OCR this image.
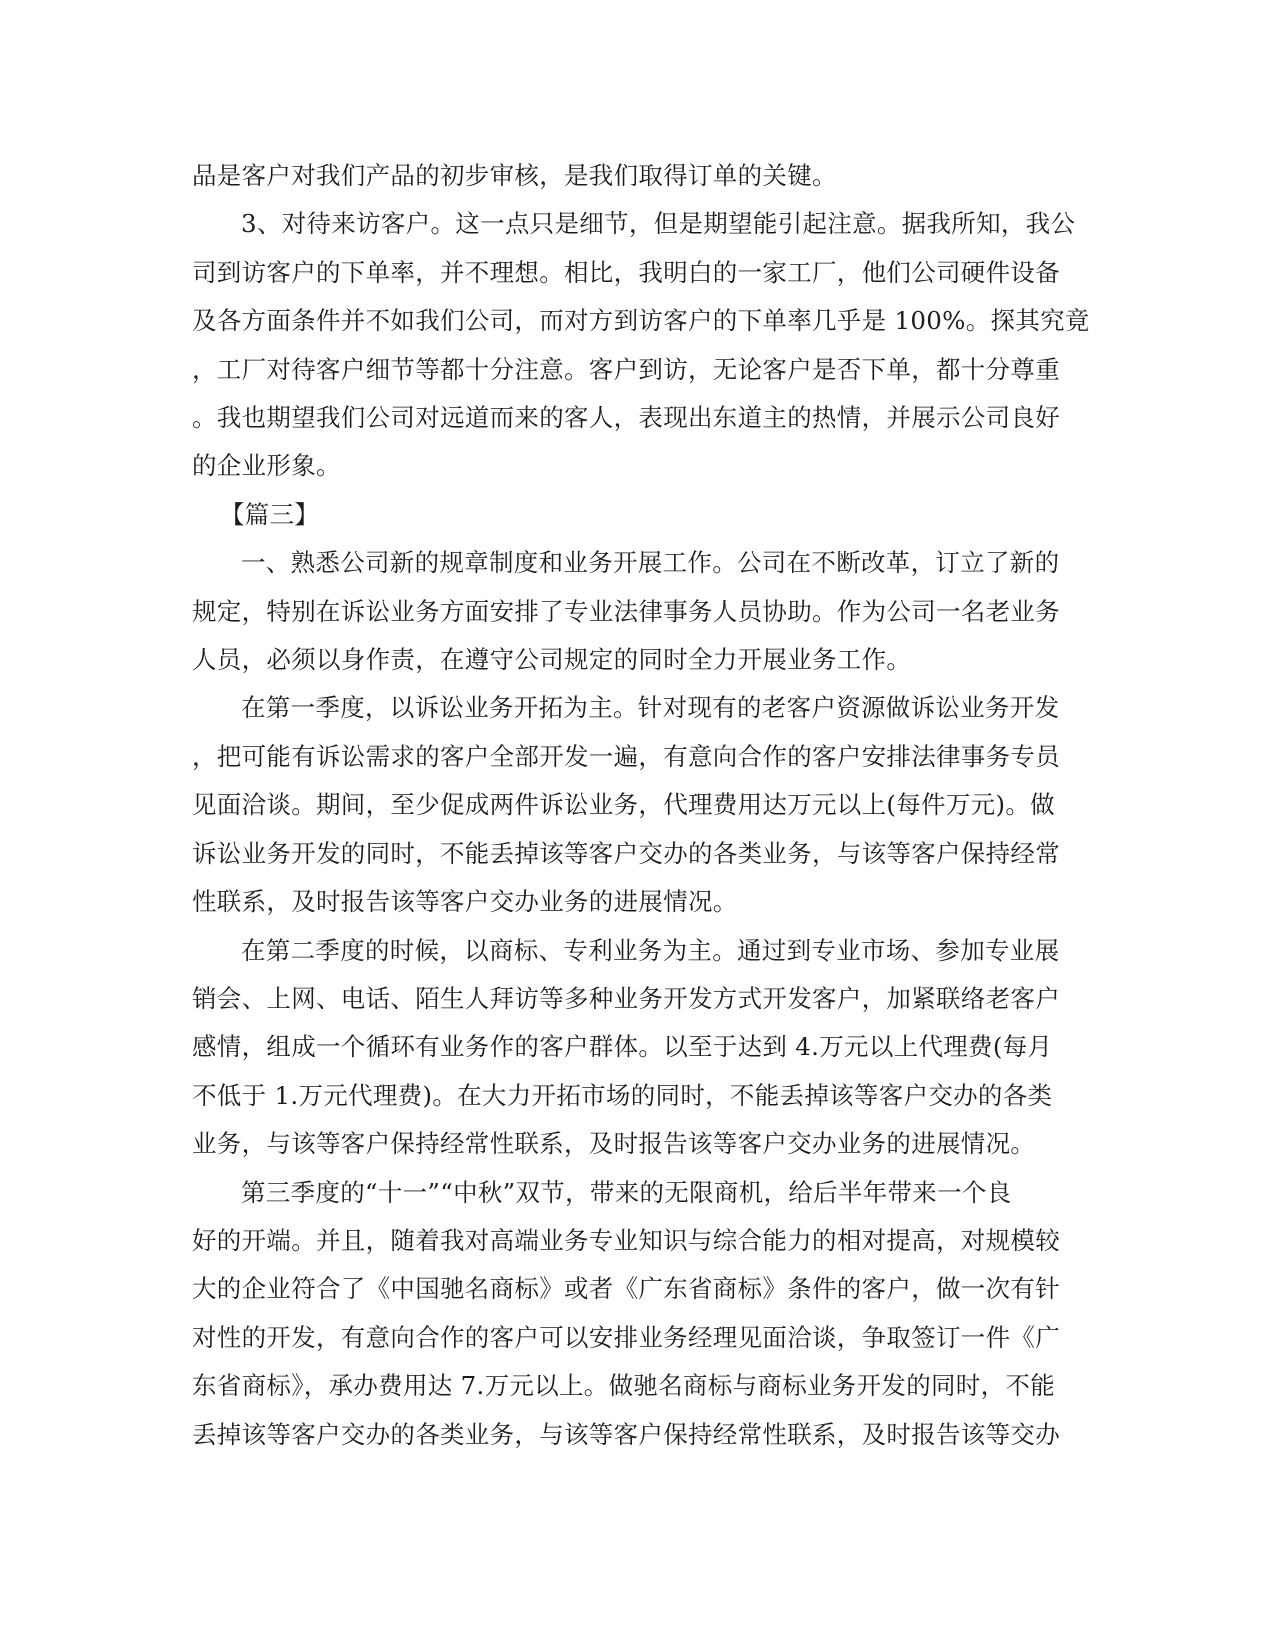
品是客户对我们产品的初步审核，是我们取得订单的关键。

3、对待来访客户。这一点只是细节，但是期望能引起注意。据我所知，我公
司到访客户的下单率，并不理想。相比，我明白的一家工厂，他们公司硬件设备
及各方面条件并不如我们公司，而对方到访客户的下单率几乎是 100%。探其究竟
，工厂对待客户细节等都十分注意。客户到访，无论客户是否下单，都十分尊重
。我也期望我们公司对远道而来的客人，表现出东道主的热情，并展示公司良好
的企业形象。

【篇三】

一、熟悉公司新的规章制度和业务开展工作。公司在不断改革，订立了新的
规定，特别在诉讼业务方面安排了专业法律事务人员协助。作为公司一名老业务
人员，必须以身作责，在遵守公司规定的同时全力开展业务工作。

在第一季度，以诉讼业务开拓为主。针对现有的老客户资源做诉讼业务开发
，把可能有诉讼需求的客户全部开发一遍，有意向合作的客户安排法律事务专员
见面洽谈。期间，至少促成两件诉讼业务，代理费用达万元以上(每件万元)。做
诉讼业务开发的同时，不能丢掉该等客户交办的各类业务，与该等客户保持经常
性联系，及时报告该等客户交办业务的进展情况。

在第二季度的时候，以商标、专利业务为主。通过到专业市场、参加专业展
销会、上网、电话、陌生人拜访等多种业务开发方式开发客户，加紧联络老客户
感情，组成一个循环有业务作的客户群体。以至于达到 4.万元以上代理费(每月
不低于 1.万元代理费)。在大力开拓市场的同时，不能丢掉该等客户交办的各类
业务，与该等客户保持经常性联系，及时报告该等客户交办业务的进展情况。

第三季度的“十一”“中秋”双节，带来的无限商机，给后半年带来一个良
好的开端。并且，随着我对高端业务专业知识与综合能力的相对提高，对规模较
大的企业符合了《中国驰名商标》或者《广东省商标》条件的客户，做一次有针
对性的开发，有意向合作的客户可以安排业务经理见面洽谈，争取签订一件《广
东省商标》，承办费用达 7.万元以上。做驰名商标与商标业务开发的同时，不能
丢掉该等客户交办的各类业务，与该等客户保持经常性联系，及时报告该等交办
